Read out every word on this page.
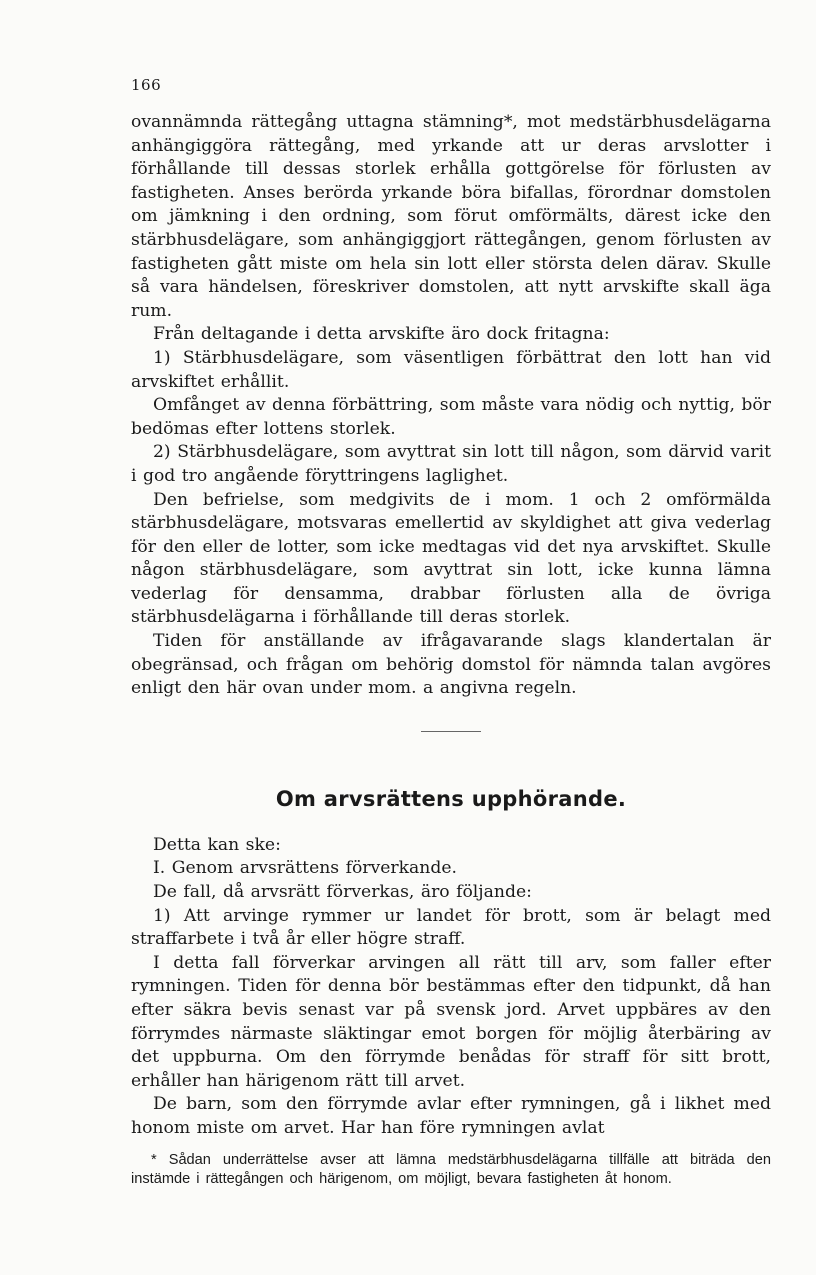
166

ovannämnda rättegång uttagna stämning*, mot medstärbhusdelägarna anhängiggöra rättegång, med yrkande att ur deras arvslotter i förhållande till dessas storlek erhålla gottgörelse för förlusten av fastigheten. Anses berörda yrkande böra bifallas, förordnar domstolen om jämkning i den ordning, som förut omförmälts, därest icke den stärbhusdelägare, som anhängiggjort rättegången, genom förlusten av fastigheten gått miste om hela sin lott eller största delen därav. Skulle så vara händelsen, föreskriver domstolen, att nytt arvskifte skall äga rum.

Från deltagande i detta arvskifte äro dock fritagna:

1) Stärbhusdelägare, som väsentligen förbättrat den lott han vid arvskiftet erhållit.

Omfånget av denna förbättring, som måste vara nödig och nyttig, bör bedömas efter lottens storlek.

2) Stärbhusdelägare, som avyttrat sin lott till någon, som därvid varit i god tro angående föryttringens laglighet.

Den befrielse, som medgivits de i mom. 1 och 2 omförmälda stärbhusdelägare, motsvaras emellertid av skyldighet att giva vederlag för den eller de lotter, som icke medtagas vid det nya arvskiftet. Skulle någon stärbhusdelägare, som avyttrat sin lott, icke kunna lämna vederlag för densamma, drabbar förlusten alla de övriga stärbhusdelägarna i förhållande till deras storlek.

Tiden för anställande av ifrågavarande slags klandertalan är obegränsad, och frågan om behörig domstol för nämnda talan avgöres enligt den här ovan under mom. a angivna regeln.

Om arvsrättens upphörande.

Detta kan ske:

I. Genom arvsrättens förverkande.

De fall, då arvsrätt förverkas, äro följande:

1) Att arvinge rymmer ur landet för brott, som är belagt med straffarbete i två år eller högre straff.

I detta fall förverkar arvingen all rätt till arv, som faller efter rymningen. Tiden för denna bör bestämmas efter den tidpunkt, då han efter säkra bevis senast var på svensk jord. Arvet uppbäres av den förrymdes närmaste släktingar emot borgen för möjlig återbäring av det uppburna. Om den förrymde benådas för straff för sitt brott, erhåller han härigenom rätt till arvet.

De barn, som den förrymde avlar efter rymningen, gå i likhet med honom miste om arvet. Har han före rymningen avlat

* Sådan underrättelse avser att lämna medstärbhusdelägarna tillfälle att biträda den instämde i rättegången och härigenom, om möjligt, bevara fastigheten åt honom.
